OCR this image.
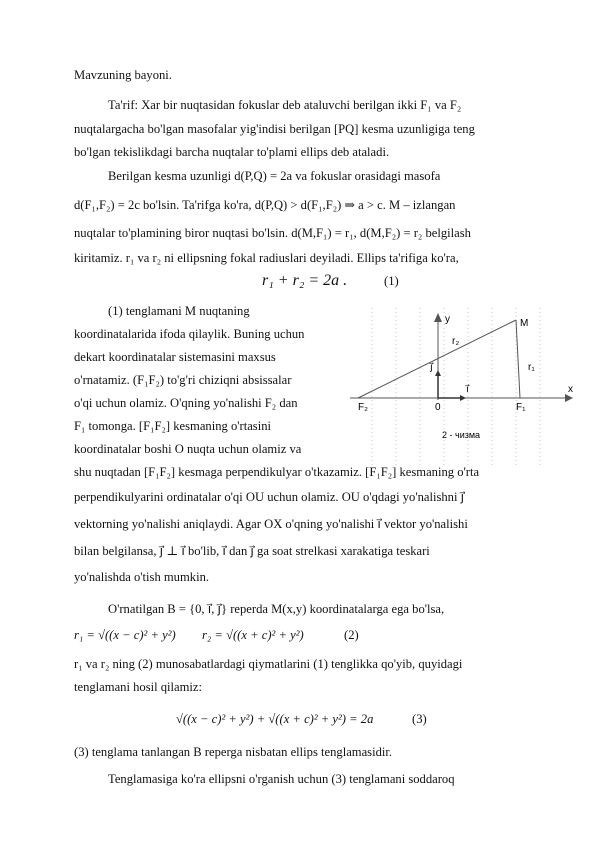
Mavzuning bayoni.
Ta'rif: Xar bir nuqtasidan fokuslar deb ataluvchi berilgan ikki F₁ va F₂
nuqtalargacha bo'lgan masofalar yig'indisi berilgan [PQ] kesma uzunligiga teng
bo'lgan tekislikdagi barcha nuqtalar to'plami ellips deb ataladi.
Berilgan kesma uzunligi d(P,Q) = 2a va fokuslar orasidagi masofa
d(F₁,F₂) = 2c bo'lsin. Ta'rifga ko'ra, d(P,Q) > d(F₁,F₂) ⇒ a > c. M – izlangan
nuqtalar to'plamining biror nuqtasi bo'lsin. d(M,F₁) = r₁, d(M,F₂) = r₂ belgilash
kiritamiz. r₁ va r₂ ni ellipsning fokal radiuslari deyiladi. Ellips ta'rifiga ko'ra,
r₁ + r₂ = 2a .	(1)
(1) tenglamani M nuqtaning
koordinatalarida ifoda qilaylik. Buning uchun
dekart koordinatalar sistemasini maxsus
o'rnatamiz. (F₁F₂) to'g'ri chiziqni absissalar
o'qi uchun olamiz. O'qning yo'nalishi F₂ dan
F₁ tomonga. [F₁F₂] kesmaning o'rtasini
koordinatalar boshi O nuqta uchun olamiz va
y	M
r₂
r₁
j⃗
i⃗
F₂	0	F₁
x
2 - чизма
shu nuqtadan [F₁F₂] kesmaga perpendikulyar o'tkazamiz. [F₁F₂] kesmaning o'rta
perpendikulyarini ordinatalar o'qi OU uchun olamiz. OU o'qdagi yo'nalishni j⃗
vektorning yo'nalishi aniqlaydi. Agar OX o'qning yo'nalishi i⃗ vektor yo'nalishi
bilan belgilansa, j⃗ ⊥ i⃗ bo'lib, i⃗ dan j⃗ ga soat strelkasi xarakatiga teskari
yo'nalishda o'tish mumkin.
O'rnatilgan B = {0, i⃗, j⃗} reperda M(x,y) koordinatalarga ega bo'lsa,
r₁ = √((x − c)² + y²) r₂ = √((x + c)² + y²)	(2)
r₁ va r₂ ning (2) munosabatlardagi qiymatlarini (1) tenglikka qo'yib, quyidagi
tenglamani hosil qilamiz:
√((x − c)² + y²) + √((x + c)² + y²) = 2a	(3)
(3) tenglama tanlangan B reperga nisbatan ellips tenglamasidir.
Tenglamasiga ko'ra ellipsni o'rganish uchun (3) tenglamani soddaroq
